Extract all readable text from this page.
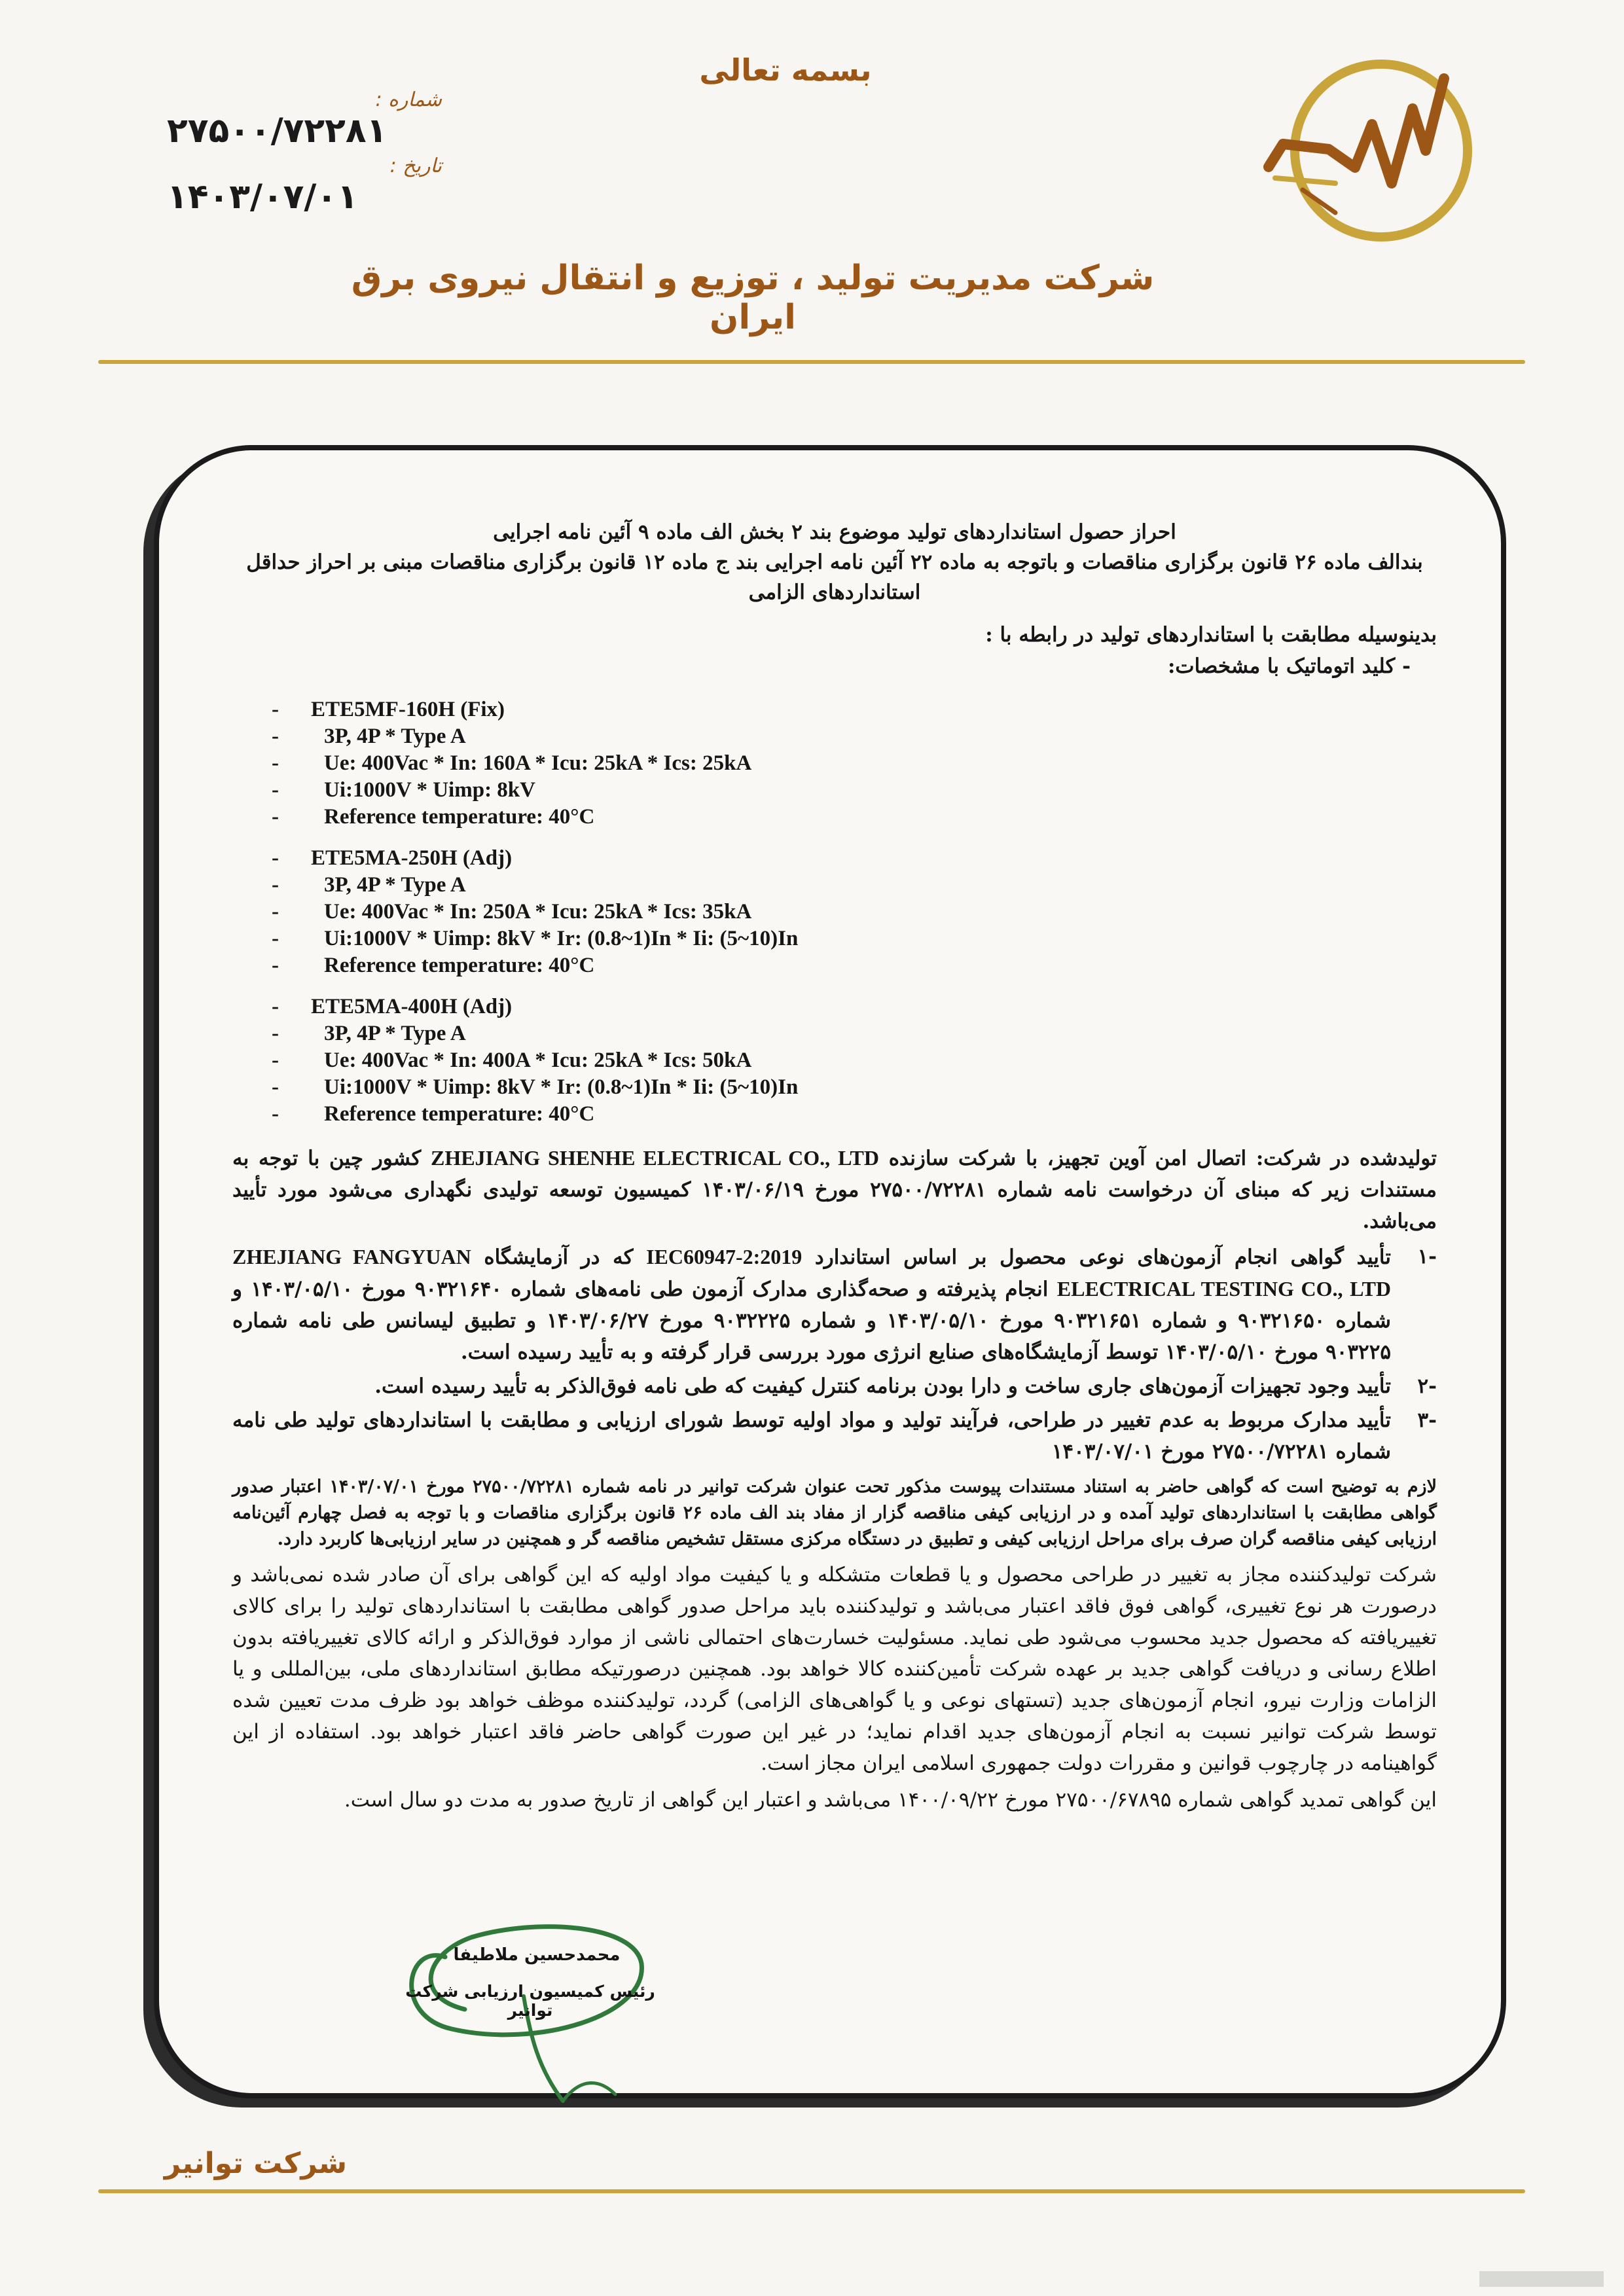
بسمه تعالی
شماره :
۲۷۵۰۰/۷۲۲۸۱
تاریخ :
۱۴۰۳/۰۷/۰۱
شرکت مدیریت تولید ، توزیع و انتقال نیروی برق ایران

احراز حصول استانداردهای تولید موضوع بند ۲ بخش الف ماده ۹ آئین نامه اجرایی

بندالف ماده ۲۶ قانون برگزاری مناقصات و باتوجه به ماده ۲۲ آئین نامه اجرایی بند ج ماده ۱۲ قانون برگزاری مناقصات مبنی بر احراز حداقل

استانداردهای الزامی

بدینوسیله مطابقت با استانداردهای تولید در رابطه با :

- کلید اتوماتیک با مشخصات:

- ETE5MF-160H (Fix)
- 3P, 4P * Type A
- Ue: 400Vac * In: 160A * Icu: 25kA * Ics: 25kA
- Ui:1000V * Uimp: 8kV
- Reference temperature: 40°C
- ETE5MA-250H (Adj)
- 3P, 4P * Type A
- Ue: 400Vac * In: 250A * Icu: 25kA * Ics: 35kA
- Ui:1000V * Uimp: 8kV * Ir: (0.8~1)In * Ii: (5~10)In
- Reference temperature: 40°C
- ETE5MA-400H (Adj)
- 3P, 4P * Type A
- Ue: 400Vac * In: 400A * Icu: 25kA * Ics: 50kA
- Ui:1000V * Uimp: 8kV * Ir: (0.8~1)In * Ii: (5~10)In
- Reference temperature: 40°C

تولیدشده در شرکت: اتصال امن آوین تجهیز، با شرکت سازنده ZHEJIANG SHENHE ELECTRICAL CO., LTD کشور چین با توجه به مستندات زیر که مبنای آن درخواست نامه شماره ۲۷۵۰۰/۷۲۲۸۱ مورخ ۱۴۰۳/۰۶/۱۹ کمیسیون توسعه تولیدی نگهداری می‌شود مورد تأیید می‌باشد.

-۱
تأیید گواهی انجام آزمون‌های نوعی محصول بر اساس استاندارد IEC60947-2:2019 که در آزمایشگاه ZHEJIANG FANGYUAN ELECTRICAL TESTING CO., LTD انجام پذیرفته و صحه‌گذاری مدارک آزمون طی نامه‌های شماره ۹۰۳۲۱۶۴۰ مورخ ۱۴۰۳/۰۵/۱۰ و شماره ۹۰۳۲۱۶۵۰ و شماره ۹۰۳۲۱۶۵۱ مورخ ۱۴۰۳/۰۵/۱۰ و شماره ۹۰۳۲۲۲۵ مورخ ۱۴۰۳/۰۶/۲۷ و تطبیق لیسانس طی نامه شماره ۹۰۳۲۲۵ مورخ ۱۴۰۳/۰۵/۱۰ توسط آزمایشگاه‌های صنایع انرژی مورد بررسی قرار گرفته و به تأیید رسیده است.
-۲
تأیید وجود تجهیزات آزمون‌های جاری ساخت و دارا بودن برنامه کنترل کیفیت که طی نامه فوق‌الذکر به تأیید رسیده است.
-۳
تأیید مدارک مربوط به عدم تغییر در طراحی، فرآیند تولید و مواد اولیه توسط شورای ارزیابی و مطابقت با استانداردهای تولید طی نامه شماره ۲۷۵۰۰/۷۲۲۸۱ مورخ ۱۴۰۳/۰۷/۰۱

لازم به توضیح است که گواهی حاضر به استناد مستندات پیوست مذکور تحت عنوان شرکت توانیر در نامه شماره ۲۷۵۰۰/۷۲۲۸۱ مورخ ۱۴۰۳/۰۷/۰۱ اعتبار صدور گواهی مطابقت با استانداردهای تولید آمده و در ارزیابی کیفی مناقصه گزار از مفاد بند الف ماده ۲۶ قانون برگزاری مناقصات و با توجه به فصل چهارم آئین‌نامه ارزیابی کیفی مناقصه گران صرف برای مراحل ارزیابی کیفی و تطبیق در دستگاه مرکزی مستقل تشخیص مناقصه گر و همچنین در سایر ارزیابی‌ها کاربرد دارد.

شرکت تولیدکننده مجاز به تغییر در طراحی محصول و یا قطعات متشکله و یا کیفیت مواد اولیه که این گواهی برای آن صادر شده نمی‌باشد و درصورت هر نوع تغییری، گواهی فوق فاقد اعتبار می‌باشد و تولیدکننده باید مراحل صدور گواهی مطابقت با استانداردهای تولید را برای کالای تغییریافته که محصول جدید محسوب می‌شود طی نماید. مسئولیت خسارت‌های احتمالی ناشی از موارد فوق‌الذکر و ارائه کالای تغییریافته بدون اطلاع رسانی و دریافت گواهی جدید بر عهده شرکت تأمین‌کننده کالا خواهد بود. همچنین درصورتیکه مطابق استانداردهای ملی، بین‌المللی و یا الزامات وزارت نیرو، انجام آزمون‌های جدید (تستهای نوعی و یا گواهی‌های الزامی) گردد، تولیدکننده موظف خواهد بود ظرف مدت تعیین شده توسط شرکت توانیر نسبت به انجام آزمون‌های جدید اقدام نماید؛ در غیر این صورت گواهی حاضر فاقد اعتبار خواهد بود. استفاده از این گواهینامه در چارچوب قوانین و مقررات دولت جمهوری اسلامی ایران مجاز است.

این گواهی تمدید گواهی شماره ۲۷۵۰۰/۶۷۸۹۵ مورخ ۱۴۰۰/۰۹/۲۲ می‌باشد و اعتبار این گواهی از تاریخ صدور به مدت دو سال است.

محمدحسین ملاطیفا
رئیس کمیسیون ارزیابی شرکت توانیر
شرکت توانیر
